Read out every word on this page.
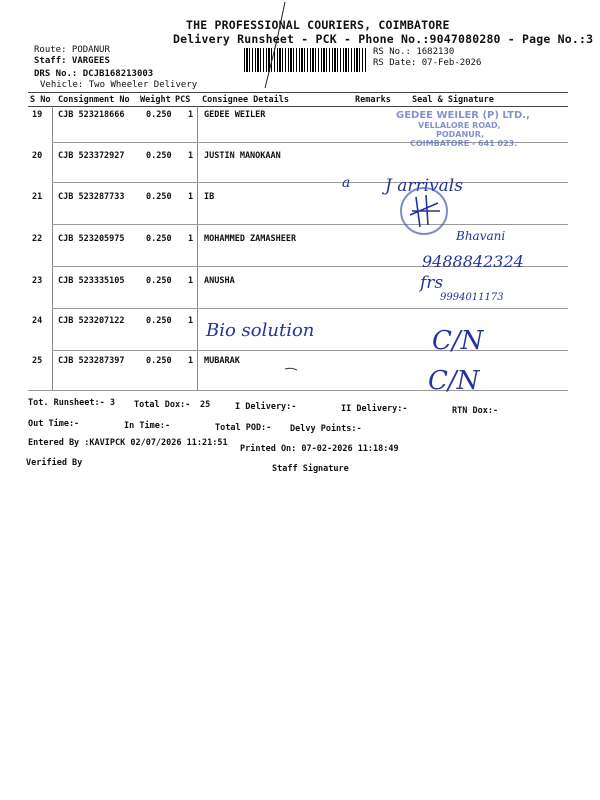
THE PROFESSIONAL COURIERS, COIMBATORE
Delivery Runsheet - PCK - Phone No.:9047080280 - Page No.:3
Route: PODANUR
Staff: VARGEES
DRS No.: DCJB168213003
Vehicle: Two Wheeler Delivery
RS No.: 1682130
RS Date: 07-Feb-2026
S No Consignment No Weight PCS Consignee Details	Remarks Seal & Signature
19 CJB 523218666	0.250 1 GEDEE WEILER
20 CJB 523372927	0.250 1 JUSTIN MANOKAAN
21 CJB 523287733	0.250 1 IB
22 CJB 523205975	0.250 1 MOHAMMED ZAMASHEER
23 CJB 523335105	0.250 1 ANUSHA
24 CJB 523207122	0.250 1
25 CJB 523287397	0.250 1 MUBARAK
GEDEE WEILER (P) LTD.,
VELLALORE ROAD,
PODANUR,
COIMBATORE - 641 023.
a J arrivals
Bhavani
9488842324
frs
9994011173
Bio solution	C/N
C/N
Tot. Runsheet:- 3 Total Dox:- 25	I Delivery:-	II Delivery:-	RTN Dox:-
Out Time:-	In Time:-	Total POD:- Delvy Points:-
Entered By :KAVIPCK 02/07/2026 11:21:51
Printed On: 07-02-2026 11:18:49
Verified By
Staff Signature
